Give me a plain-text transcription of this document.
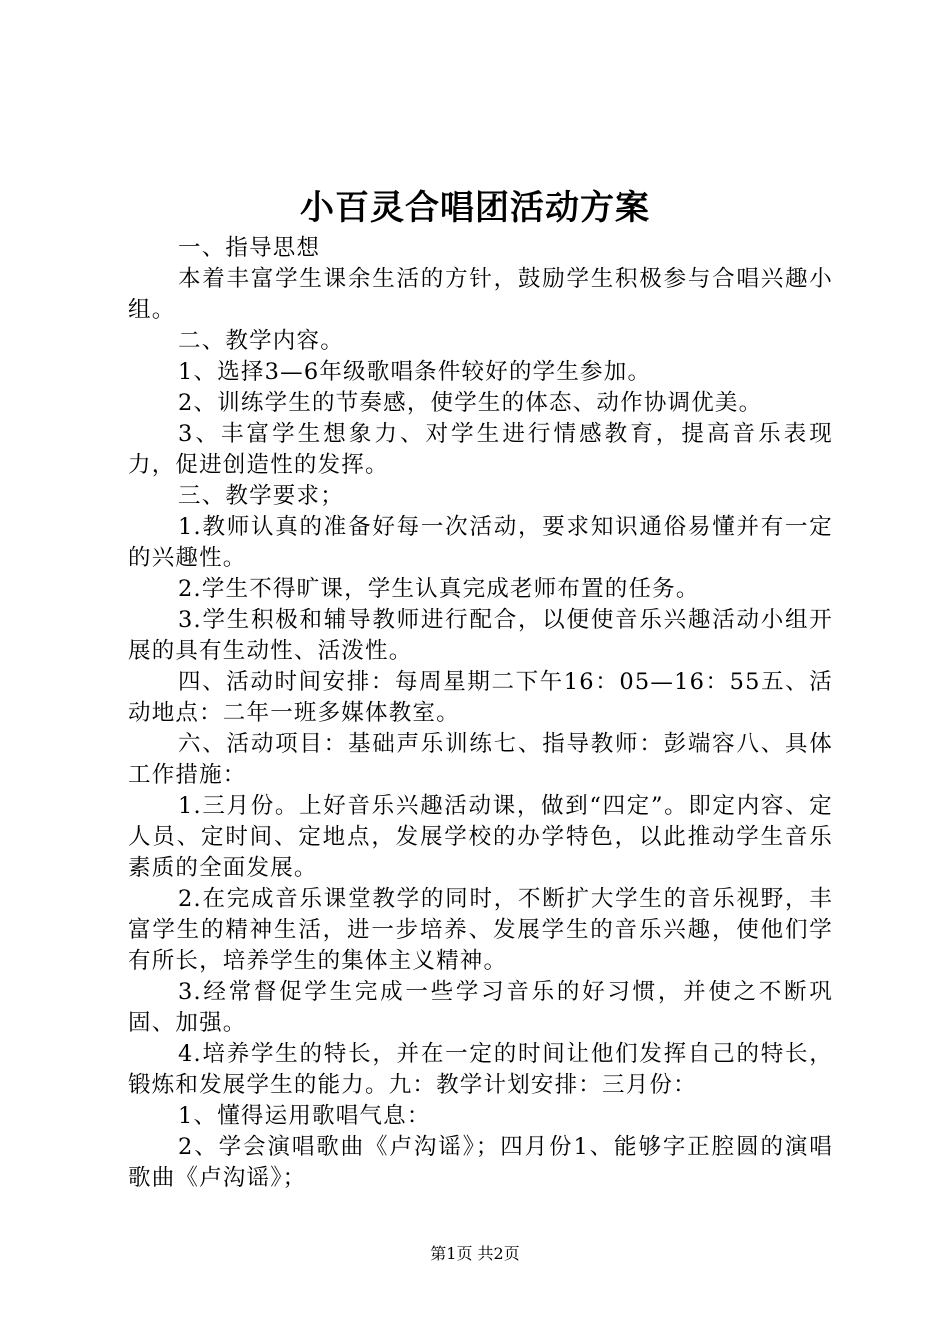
小百灵合唱团活动方案

一、指导思想

本着丰富学生课余生活的方针，鼓励学生积极参与合唱兴趣小组。

二、教学内容。

1、选择3—6年级歌唱条件较好的学生参加。

2、训练学生的节奏感，使学生的体态、动作协调优美。

3、丰富学生想象力、对学生进行情感教育，提高音乐表现力，促进创造性的发挥。

三、教学要求；

1.教师认真的准备好每一次活动，要求知识通俗易懂并有一定的兴趣性。

2.学生不得旷课，学生认真完成老师布置的任务。

3.学生积极和辅导教师进行配合，以便使音乐兴趣活动小组开展的具有生动性、活泼性。

四、活动时间安排：每周星期二下午16：05—16：55五、活动地点：二年一班多媒体教室。

六、活动项目：基础声乐训练七、指导教师：彭端容八、具体工作措施：

1.三月份。上好音乐兴趣活动课，做到“四定”。即定内容、定人员、定时间、定地点，发展学校的办学特色，以此推动学生音乐素质的全面发展。

2.在完成音乐课堂教学的同时，不断扩大学生的音乐视野，丰富学生的精神生活，进一步培养、发展学生的音乐兴趣，使他们学有所长，培养学生的集体主义精神。

3.经常督促学生完成一些学习音乐的好习惯，并使之不断巩固、加强。

4.培养学生的特长，并在一定的时间让他们发挥自己的特长，锻炼和发展学生的能力。九：教学计划安排：三月份：

1、懂得运用歌唱气息：

2、学会演唱歌曲《卢沟谣》；四月份1、能够字正腔圆的演唱歌曲《卢沟谣》；

第1页 共2页
